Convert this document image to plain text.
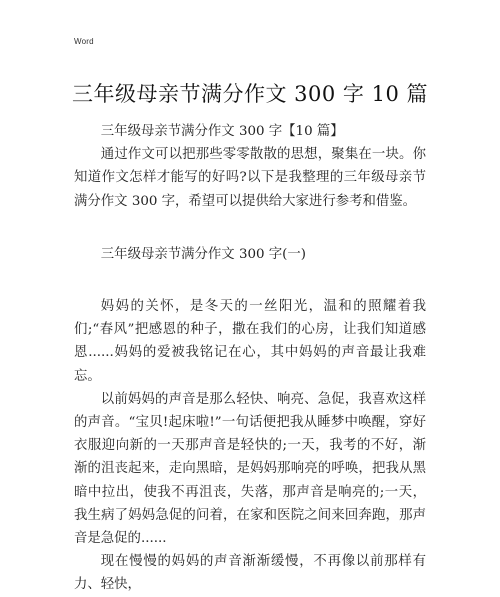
Word
三年级母亲节满分作文 300 字 10 篇

三年级母亲节满分作文 300 字【10 篇】

通过作文可以把那些零零散散的思想，聚集在一块。你知道作文怎样才能写的好吗?以下是我整理的三年级母亲节满分作文 300 字，希望可以提供给大家进行参考和借鉴。

三年级母亲节满分作文 300 字(一)

妈妈的关怀，是冬天的一丝阳光，温和的照耀着我们;“春风”把感恩的种子，撒在我们的心房，让我们知道感恩......妈妈的爱被我铭记在心，其中妈妈的声音最让我难忘。

以前妈妈的声音是那么轻快、响亮、急促，我喜欢这样的声音。“宝贝!起床啦!”一句话便把我从睡梦中唤醒，穿好衣服迎向新的一天那声音是轻快的;一天，我考的不好，渐渐的沮丧起来，走向黑暗，是妈妈那响亮的呼唤，把我从黑暗中拉出，使我不再沮丧，失落，那声音是响亮的;一天，我生病了妈妈急促的问着，在家和医院之间来回奔跑，那声音是急促的......

现在慢慢的妈妈的声音渐渐缓慢，不再像以前那样有力、轻快，
